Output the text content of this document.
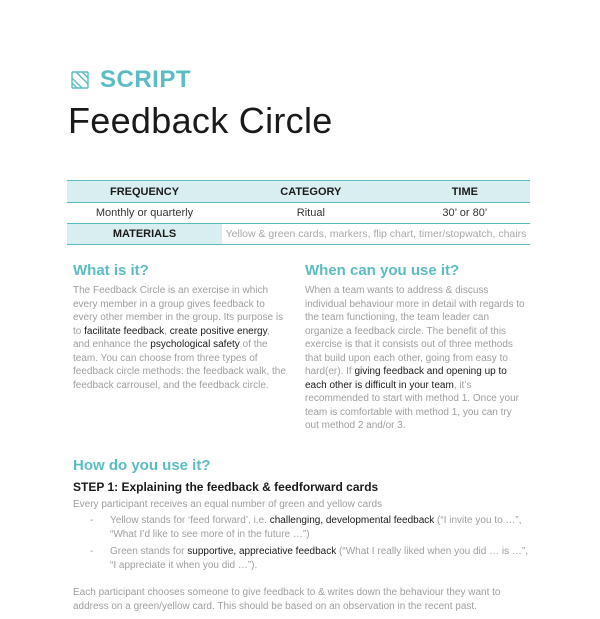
SCRIPT
Feedback Circle
FREQUENCY	CATEGORY	TIME
Monthly or quarterly	Ritual	30’ or 80’
MATERIALS	Yellow & green cards, markers, flip chart, timer/stopwatch, chairs	
What is it?
The Feedback Circle is an exercise in which every member in a group gives feedback to every other member in the group. Its purpose is to facilitate feedback, create positive energy, and enhance the psychological safety of the team. You can choose from three types of feedback circle methods: the feedback walk, the feedback carrousel, and the feedback circle.
When can you use it?
When a team wants to address & discuss individual behaviour more in detail with regards to the team functioning, the team leader can organize a feedback circle. The benefit of this exercise is that it consists out of three methods that build upon each other, going from easy to hard(er). If giving feedback and opening up to each other is difficult in your team, it’s recommended to start with method 1. Once your team is comfortable with method 1, you can try out method 2 and/or 3.
How do you use it?
STEP 1: Explaining the feedback & feedforward cards
Every participant receives an equal number of green and yellow cards
- Yellow stands for ‘feed forward’, i.e. challenging, developmental feedback (“I invite you to …”, “What I’d like to see more of in the future …”)
- Green stands for supportive, appreciative feedback (“What I really liked when you did … is …”, “I appreciate it when you did …”).
Each participant chooses someone to give feedback to & writes down the behaviour they want to address on a green/yellow card. This should be based on an observation in the recent past.
